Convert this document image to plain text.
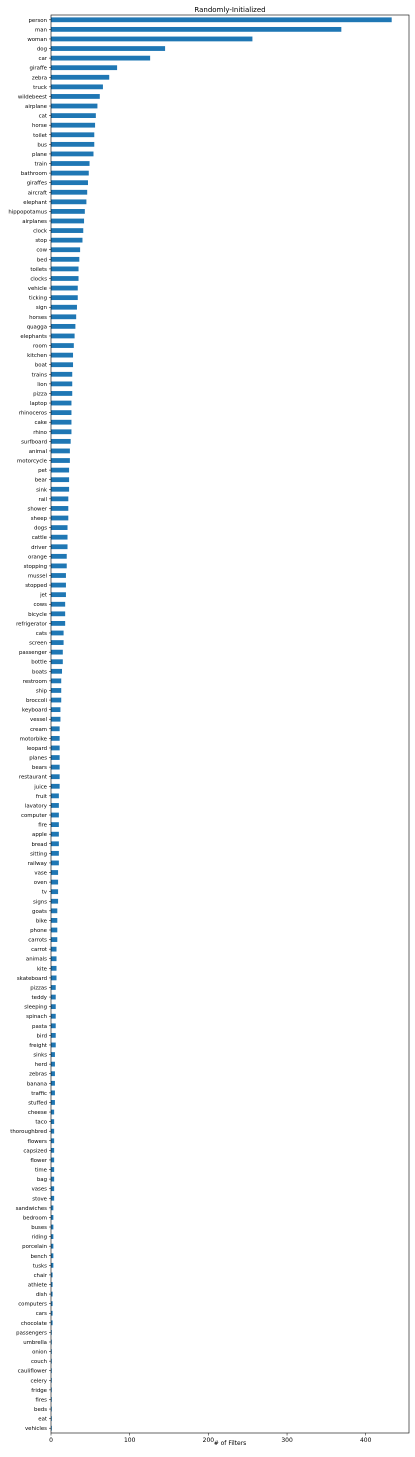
Randomly-Initialized
person
man
woman
dog
car
giraffe
zebra
truck
wildebeest
airplane
cat
horse
toilet
bus
plane
train
bathroom
giraffes
aircraft
elephant
hippopotamus
airplanes
clock
stop
cow
bed
toilets
clocks
vehicle
ticking
sign
horses
quagga
elephants
room
kitchen
boat
trains
lion
pizza
laptop
rhinoceros
cake
rhino
surfboard
animal
motorcycle
pet
bear
sink
rail
shower
sheep
dogs
cattle
driver
orange
stopping
mussel
stopped
jet
cows
bicycle
refrigerator
cats
screen
passenger
bottle
boats
restroom
ship
broccoli
keyboard
vessel
cream
motorbike
leopard
planes
bears
restaurant
juice
fruit
lavatory
computer
fire
apple
bread
sitting
railway
vase
oven
tv
signs
goats
bike
phone
carrots
carrot
animals
kite
skateboard
pizzas
teddy
sleeping
spinach
pasta
bird
freight
sinks
herd
zebras
banana
traffic
stuffed
cheese
taco
thoroughbred
flowers
capsized
flower
time
bag
vases
stove
sandwiches
bedroom
buses
riding
porcelain
bench
tusks
chair
athlete
dish
computers
cars
chocolate
passengers
umbrella
onion
couch
cauliflower
celery
fridge
fires
beds
eat
vehicles
0	100	200	300	400
# of Filters
